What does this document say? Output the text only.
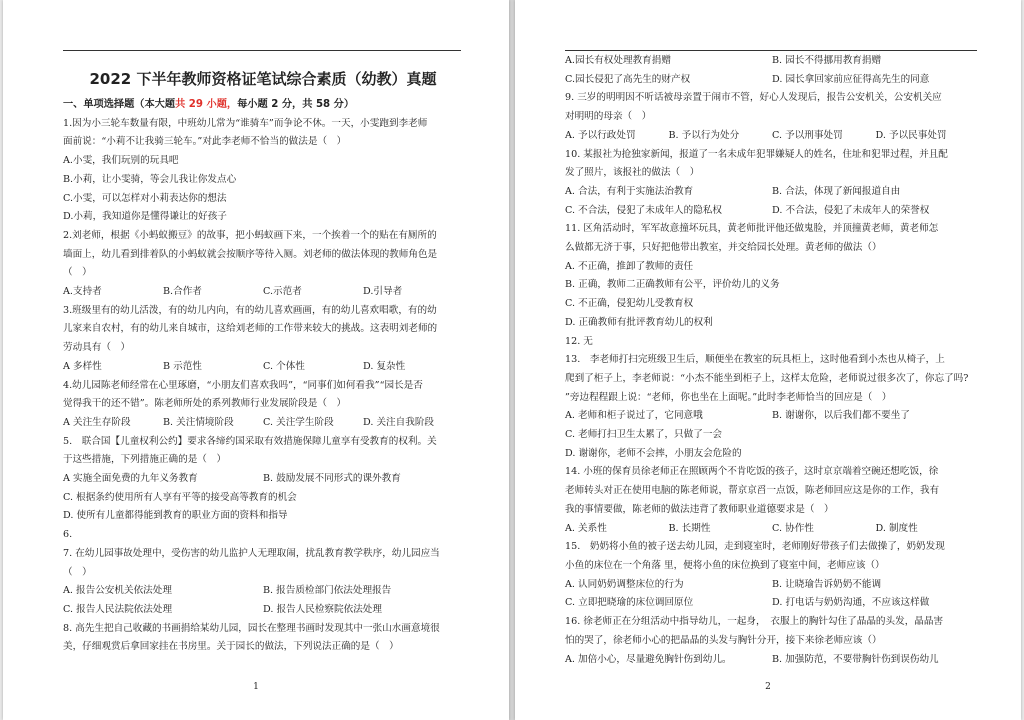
2022 下半年教师资格证笔试综合素质（幼教）真题
一、单项选择题（本大题共 29 小题，每小题 2 分，共 58 分）

1.因为小三轮车数量有限，中班幼儿常为“谁骑车”而争论不休。一天，小雯跑到李老师

面前说：“小莉不让我骑三轮车。”对此李老师不恰当的做法是（　）

A.小雯，我们玩别的玩具吧

B.小莉，让小雯骑，等会儿我让你发点心

C.小雯，可以怎样对小莉表达你的想法

D.小莉，我知道你是懂得谦让的好孩子

2.刘老师，根据《小蚂蚁搬豆》的故事，把小蚂蚁画下来，一个挨着一个的贴在有厕所的

墙面上，幼儿看到排着队的小蚂蚁就会按顺序等待入厕。刘老师的做法体现的教师角色是

（　）

A.支持者	B.合作者	C.示范者	D.引导者

3.班级里有的幼儿活泼，有的幼儿内向，有的幼儿喜欢画画，有的幼儿喜欢唱歌，有的幼

儿家来自农村，有的幼儿来自城市，这给刘老师的工作带来较大的挑战。这表明刘老师的

劳动具有（　）

A 多样性	B 示范性	C. 个体性	D. 复杂性

4.幼儿园陈老师经常在心里琢磨，“小朋友们喜欢我吗”，“同事们如何看我”“园长是否

觉得我干的还不错”。陈老师所处的系列教师行业发展阶段是（　）

A 关注生存阶段	B. 关注情境阶段	C. 关注学生阶段	D. 关注自我阶段

5.　联合国【儿童权利公约】要求各缔约国采取有效措施保障儿童享有受教育的权利。关

于这些措施，下列措施正确的是（　）

A 实施全面免费的九年义务教育	B. 鼓励发展不同形式的课外教育

C. 根据条约使用所有人享有平等的接受高等教育的机会

D. 使所有儿童都得能到教育的职业方面的资料和指导

6.

7. 在幼儿园事故处理中，受伤害的幼儿监护人无理取闹，扰乱教育教学秩序，幼儿园应当

（　）

A. 报告公安机关依法处理	B. 报告质检部门依法处理报告
C. 报告人民法院依法处理	D. 报告人民检察院依法处理

8. 高先生把自己收藏的书画捐给某幼儿园，园长在整理书画时发现其中一张山水画意境很

美，仔细观赏后拿回家挂在书房里。关于园长的做法，下列说法正确的是（　）

1
A.园长有权处理教育捐赠	B. 园长不得挪用教育捐赠
C.园长侵犯了高先生的财产权	D. 园长拿回家前应征得高先生的同意

9. 三岁的明明因不听话被母亲置于闹市不管，好心人发现后，报告公安机关，公安机关应

对明明的母亲（　）

A. 予以行政处罚	B. 予以行为处分	C. 予以刑事处罚	D. 予以民事处罚

10. 某报社为抢独家新闻，报道了一名未成年犯罪嫌疑人的姓名，住址和犯罪过程，并且配

发了照片，该报社的做法（　）

A. 合法，有利于实施法治教育	B. 合法，体现了新闻报道自由
C. 不合法，侵犯了未成年人的隐私权	D. 不合法，侵犯了未成年人的荣誉权

11. 区角活动时，军军故意撞坏玩具，黄老师批评他还做鬼脸，并顶撞黄老师，黄老师怎

么做都无济于事，只好把他带出教室，并交给园长处理。黄老师的做法（）

A. 不正确，推卸了教师的责任

B. 正确，教师二正确教师有公平，评价幼儿的义务

C. 不正确，侵犯幼儿受教育权

D. 正确教师有批评教育幼儿的权利

12. 无

13.　李老师打扫完班级卫生后，顺便坐在教室的玩具柜上，这时他看到小杰也从椅子，上

爬到了柜子上，李老师说：“小杰不能坐到柜子上，这样太危险，老师说过很多次了，你忘了吗?

”旁边程程跟上说：“老师，你也坐在上面呢。”此时李老师恰当的回应是（　）

A. 老师和柜子说过了，它同意哦	B. 谢谢你，以后我们都不要坐了

C. 老师打扫卫生太累了，只做了一会

D. 谢谢你，老师不会摔，小朋友会危险的

14. 小班的保育员徐老师正在照顾两个不肯吃饭的孩子，这时京京端着空碗还想吃饭，徐

老师转头对正在使用电脑的陈老师说，帮京京舀一点饭，陈老师回应这是你的工作，我有

我的事情要做，陈老师的做法违背了教师职业道德要求是（　）

A. 关系性	B. 长期性	C. 协作性	D. 制度性

15.　奶奶将小鱼的被子送去幼儿园，走到寝室时，老师刚好带孩子们去做操了，奶奶发现

小鱼的床位在一个角落 里，便将小鱼的床位换到了寝室中间，老师应该（）

A. 认同奶奶调整床位的行为	B. 让晓瑜告诉奶奶不能调
C. 立即把晓瑜的床位调回原位	D. 打电话与奶奶沟通，不应该这样做

16. 徐老师正在分组活动中指导幼儿，一起身，　衣服上的胸针勾住了晶晶的头发，晶晶害

怕的哭了，徐老师小心的把晶晶的头发与胸针分开，接下来徐老师应该（）

A. 加倍小心，尽量避免胸针伤到幼儿。	B. 加强防范，不要带胸针伤到误伤幼儿
2
